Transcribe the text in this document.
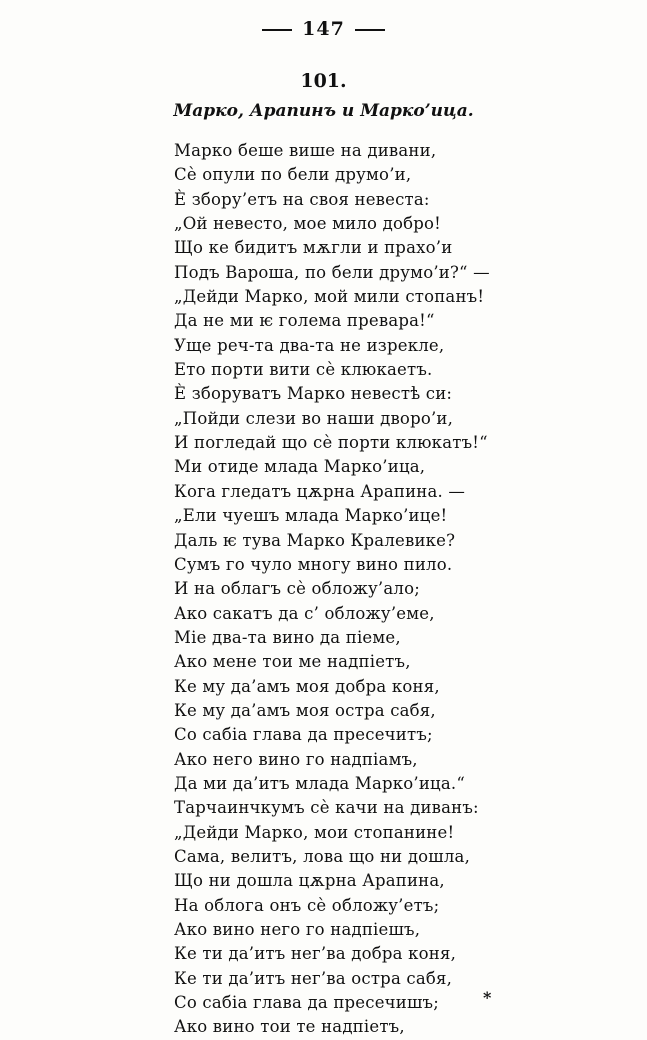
147
101.
Марко, Арапинъ и Марко’ица.
Марко беше више на дивани,
Сѐ опули по бели друмо’и,
Ѐ збору’етъ на своя невеста:
„Ой невесто, мое мило добро!
Що ке бидитъ мѫгли и прахо’и
Подъ Вароша, по бели друмо’и?“ —
„Дейди Марко, мой мили стопанъ!
Да не ми ѥ голема превара!“
Уще реч-та два-та не изрекле,
Ето порти вити сѐ клюкаетъ.
Ѐ зборуватъ Марко невестѣ си:
„Пойди слези во наши дворо’и,
И погледай що сѐ порти клюкатъ!“
Ми отиде млада Марко’ица,
Кога гледатъ цѫрна Арапина. —
„Ели чуешъ млада Марко’ице!
Даль ѥ тува Марко Кралевике?
Сумъ го чуло многу вино пило.
И на облагъ сѐ обложу’ало;
Ако сакатъ да с’ обложу’еме,
Міе два-та вино да піеме,
Ако мене тои ме надпіетъ,
Ке му да’амъ моя добра коня,
Ке му да’амъ моя остра сабя,
Со сабіа глава да пресечитъ;
Ако него вино го надпіамъ,
Да ми да’итъ млада Марко’ица.“
Тарчаинчкумъ сѐ качи на диванъ:
„Дейди Марко, мои стопанине!
Сама, велитъ, лова що ни дошла,
Що ни дошла цѫрна Арапина,
На облога онъ сѐ обложу’етъ;
Ако вино него го надпіешъ,
Ке ти да’итъ нег’ва добра коня,
Ке ти да’итъ нег’ва остра сабя,
Со сабіа глава да пресечишъ;
Ако вино тои те надпіетъ,
*
